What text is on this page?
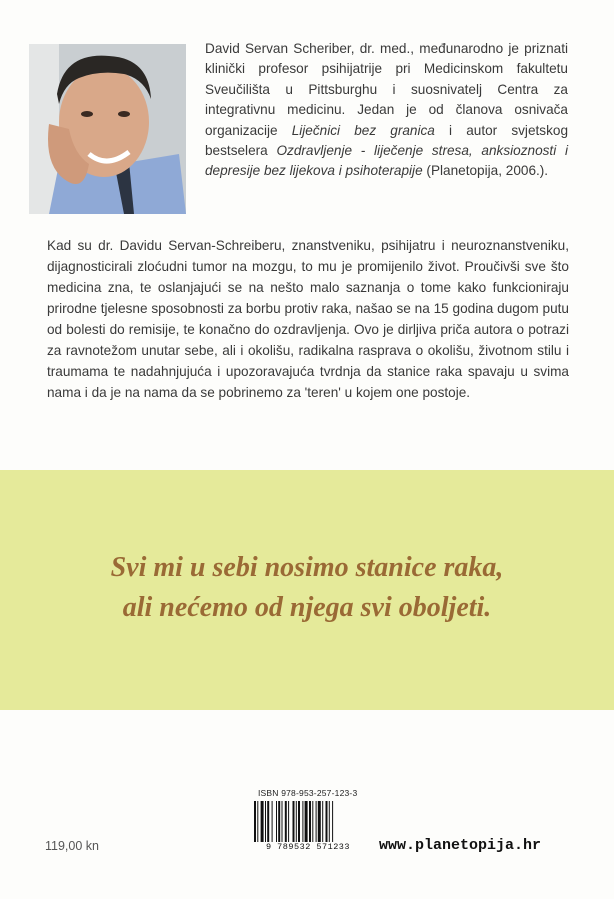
David Servan Scheriber, dr. med., međunarodno je priznati klinički profesor psihijatrije pri Medicinskom fakultetu Sveučilišta u Pittsburghu i suosnivatelj Centra za integrativnu medicinu. Jedan je od članova osnivača organizacije Liječnici bez granica i autor svjetskog bestselera Ozdravljenje - liječenje stresa, anksioznosti i depresije bez lijekova i psihoterapije (Planetopija, 2006.).

Kad su dr. Davidu Servan-Schreiberu, znanstveniku, psihijatru i neuroznanstveniku, dijagnosticirali zloćudni tumor na mozgu, to mu je promijenilo život. Proučivši sve što medicina zna, te oslanjajući se na nešto malo saznanja o tome kako funkcioniraju prirodne tjelesne sposobnosti za borbu protiv raka, našao se na 15 godina dugom putu od bolesti do remisije, te konačno do ozdravljenja. Ovo je dirljiva priča autora o potrazi za ravnotežom unutar sebe, ali i okolišu, radikalna rasprava o okolišu, životnom stilu i traumama te nadahnjujuća i upozoravajuća tvrdnja da stanice raka spavaju u svima nama i da je na nama da se pobrinemo za 'teren' u kojem one postoje.

Svi mi u sebi nosimo stanice raka,
ali nećemo od njega svi oboljeti.
119,00 kn
ISBN 978-953-257-123-3
9 789532 571233	www.planetopija.hr
